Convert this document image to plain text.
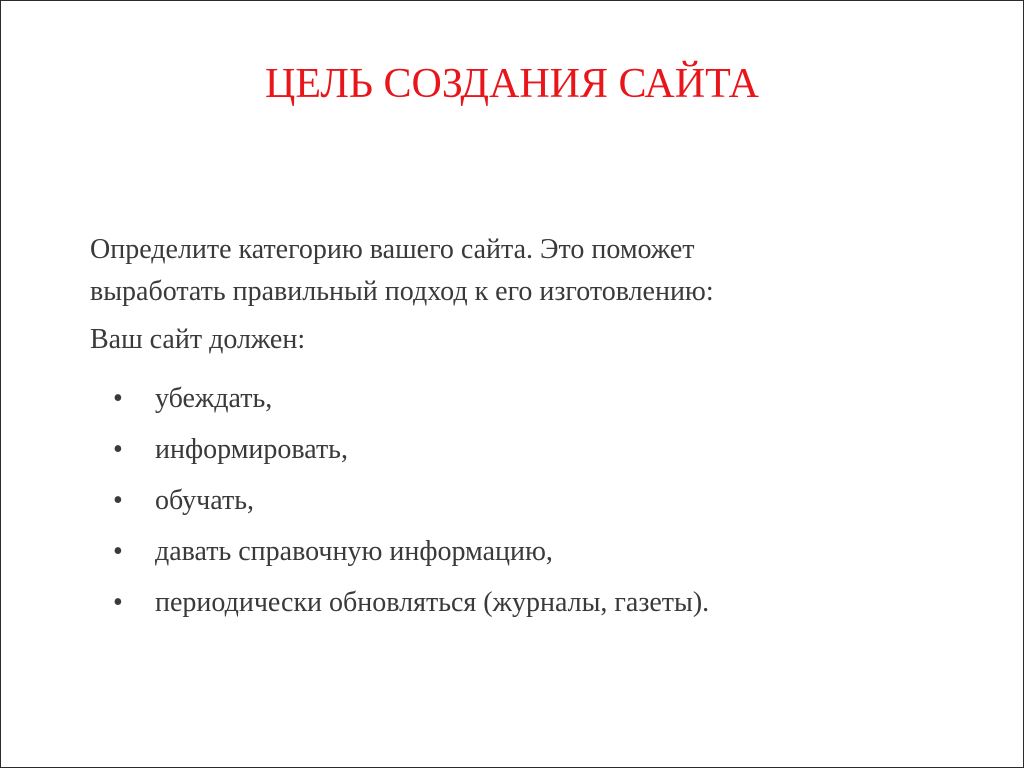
ЦЕЛЬ СОЗДАНИЯ САЙТА

Определите категорию вашего сайта. Это поможет

выработать правильный подход к его изготовлению:

Ваш сайт должен:

• убеждать,
• информировать,
• обучать,
• давать справочную информацию,
• периодически обновляться (журналы, газеты).
